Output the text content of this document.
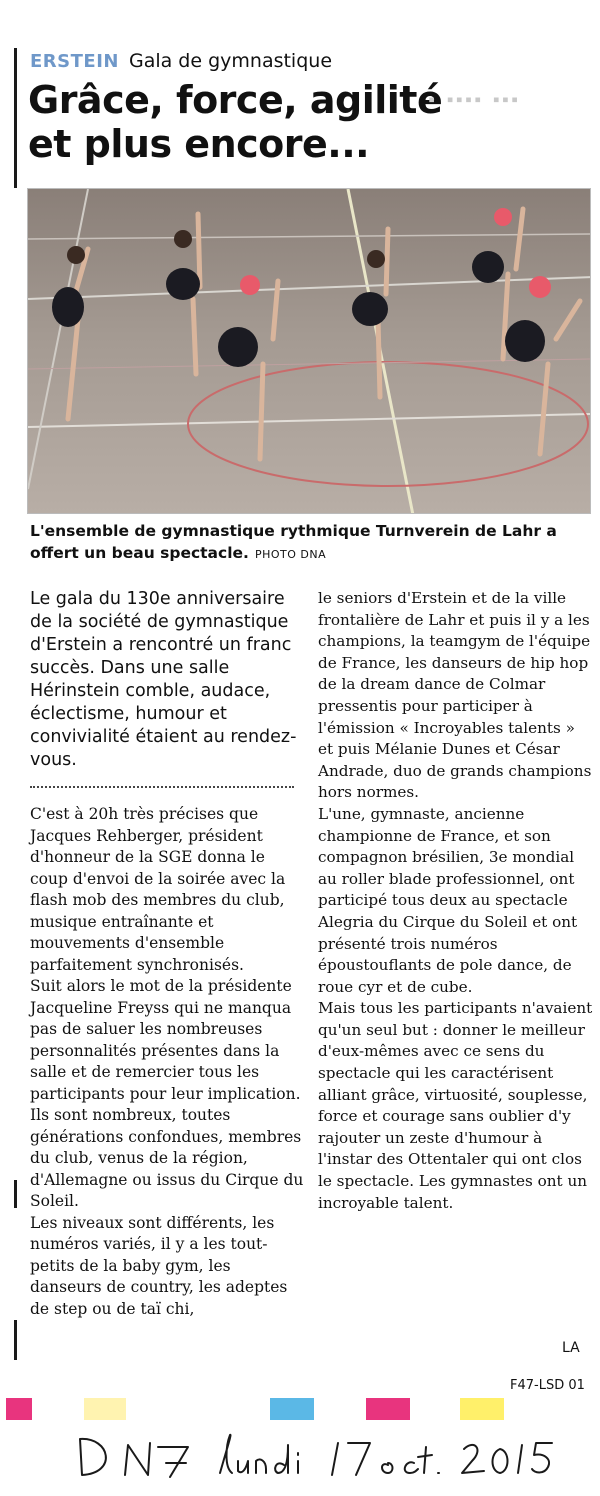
ERSTEIN Gala de gymnastique
Grâce, force, agilité et plus encore...

L'ensemble de gymnastique rythmique Turnverein de Lahr a offert un beau spectacle. PHOTO DNA

Le gala du 130e anniversaire de la société de gymnastique d'Erstein a rencontré un franc succès. Dans une salle Hérinstein comble, audace, éclectisme, humour et convivialité étaient au rendez-vous.

C'est à 20h très précises que Jacques Rehberger, président d'honneur de la SGE donna le coup d'envoi de la soirée avec la flash mob des membres du club, musique entraînante et mouvements d'ensemble parfaitement synchronisés.
Suit alors le mot de la présidente Jacqueline Freyss qui ne manqua pas de saluer les nombreuses personnalités présentes dans la salle et de remercier tous les participants pour leur implication.
Ils sont nombreux, toutes générations confondues, membres du club, venus de la région, d'Allemagne ou issus du Cirque du Soleil.
Les niveaux sont différents, les numéros variés, il y a les tout-petits de la baby gym, les danseurs de country, les adeptes de step ou de taï chi,

le seniors d'Erstein et de la ville frontalière de Lahr et puis il y a les champions, la teamgym de l'équipe de France, les danseurs de hip hop de la dream dance de Colmar pressentis pour participer à l'émission « Incroyables talents » et puis Mélanie Dunes et César Andrade, duo de grands champions hors normes.
L'une, gymnaste, ancienne championne de France, et son compagnon brésilien, 3e mondial au roller blade professionnel, ont participé tous deux au spectacle Alegria du Cirque du Soleil et ont présenté trois numéros époustouflants de pole dance, de roue cyr et de cube.
Mais tous les participants n'avaient qu'un seul but : donner le meilleur d'eux-mêmes avec ce sens du spectacle qui les caractérisent alliant grâce, virtuosité, souplesse, force et courage sans oublier d'y rajouter un zeste d'humour à l'instar des Ottentaler qui ont clos le spectacle. Les gymnastes ont un incroyable talent.

LA
F47-LSD 01
▪ ▪▪▪▪ ▪▪▪
